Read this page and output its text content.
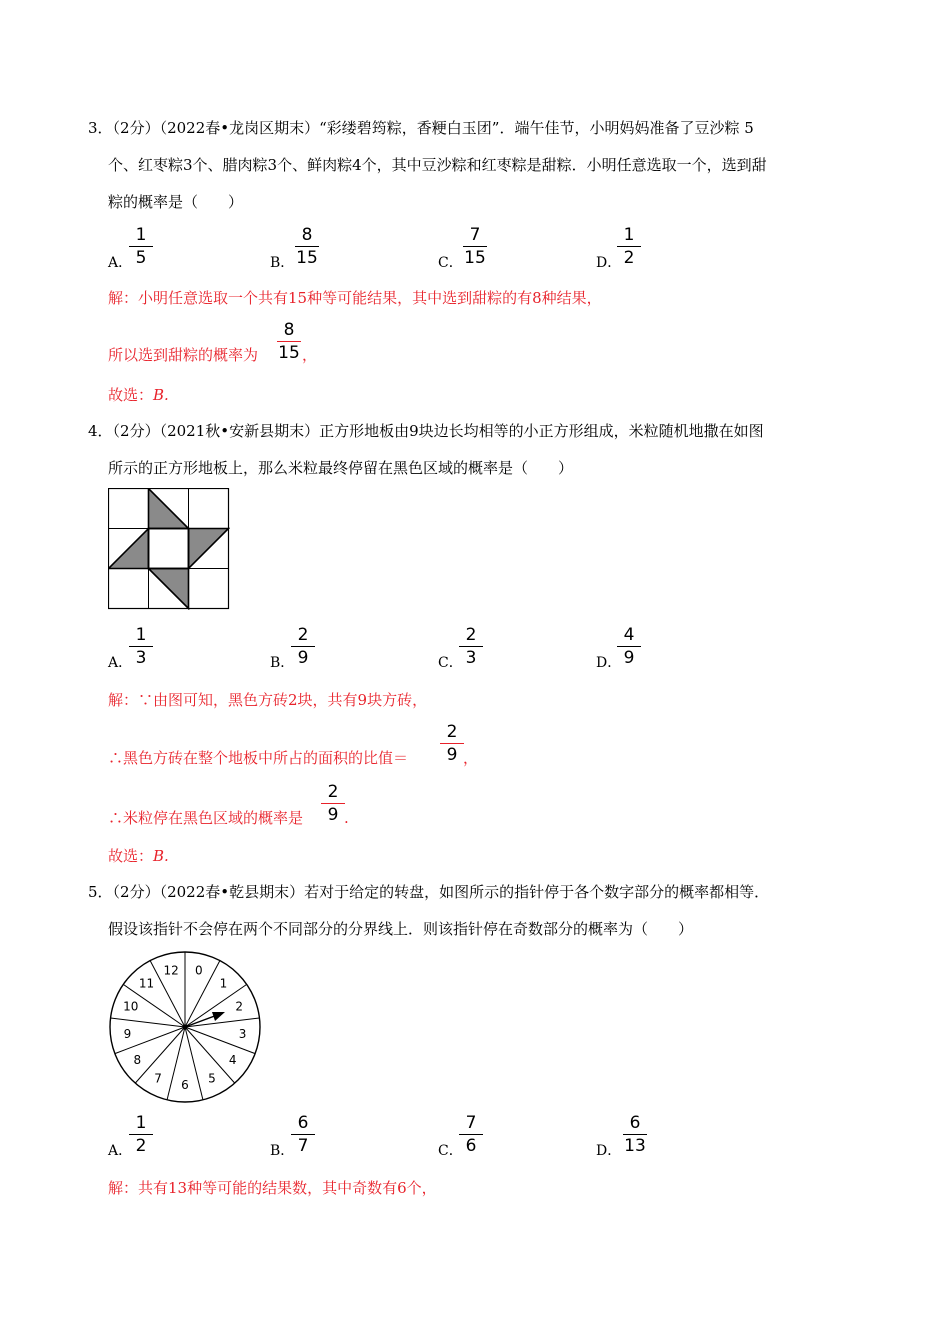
3．（2分）（2022春•龙岗区期末）“彩缕碧筠粽，香粳白玉团”．端午佳节，小明妈妈准备了豆沙粽 5
个、红枣粽3个、腊肉粽3个、鲜肉粽4个，其中豆沙粽和红枣粽是甜粽．小明任意选取一个，选到甜
粽的概率是（　　）
A．
1
5	B．
8
15	C．
7
15	D．
1
2
解：小明任意选取一个共有15种等可能结果，其中选到甜粽的有8种结果，
所以选到甜粽的概率为
8
15 ，
故选：B.
4．（2分）（2021秋•安新县期末）正方形地板由9块边长均相等的小正方形组成，米粒随机地撒在如图
所示的正方形地板上，那么米粒最终停留在黑色区域的概率是（　　）
A．
1
3	B．
2
9	C．
2
3	D．
4
9
解：∵由图可知，黑色方砖2块，共有9块方砖，
∴黑色方砖在整个地板中所占的面积的比值＝
2
9 ，
∴米粒停在黑色区域的概率是
2
9 .
故选：B.
5．（2分）（2022春•乾县期末）若对于给定的转盘，如图所示的指针停于各个数字部分的概率都相等．
假设该指针不会停在两个不同部分的分界线上．则该指针停在奇数部分的概率为（　　）
0
1
2
3
4
5
6
7
8
9
10
11
12
A．
1
2	B．
6
7	C．
7
6	D．
6
13
解：共有13种等可能的结果数，其中奇数有6个，
